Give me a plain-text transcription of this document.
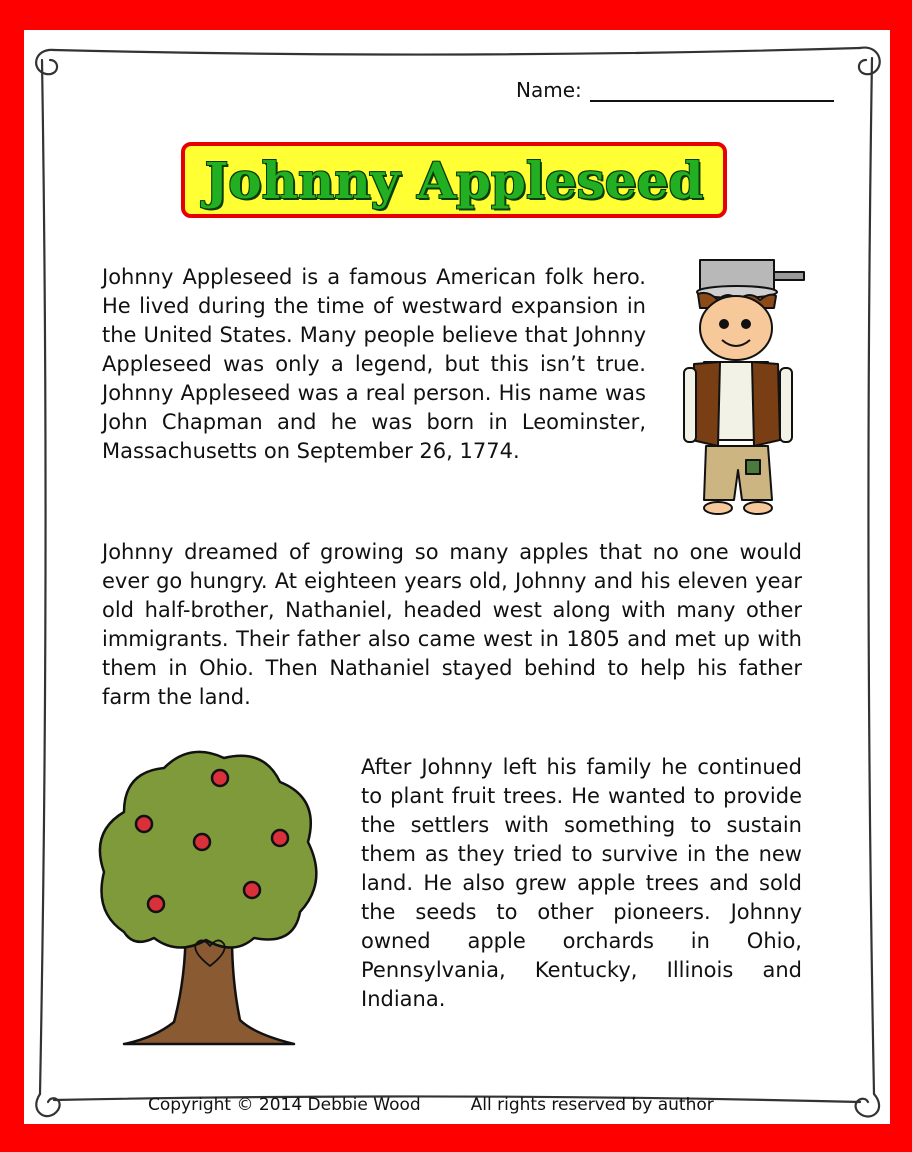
Name:
Johnny Appleseed

Johnny Appleseed is a famous American folk hero. He lived during the time of westward expansion in the United States. Many people believe that Johnny Appleseed was only a legend, but this isn’t true. Johnny Appleseed was a real person. His name was John Chapman and he was born in Leominster, Massachusetts on September 26, 1774.

Johnny dreamed of growing so many apples that no one would ever go hungry. At eighteen years old, Johnny and his eleven year old half-brother, Nathaniel, headed west along with many other immigrants. Their father also came west in 1805 and met up with them in Ohio. Then Nathaniel stayed behind to help his father farm the land.

After Johnny left his family he continued to plant fruit trees. He wanted to provide the settlers with something to sustain them as they tried to survive in the new land. He also grew apple trees and sold the seeds to other pioneers. Johnny owned apple orchards in Ohio, Pennsylvania, Kentucky, Illinois and Indiana.

Copyright © 2014 Debbie Wood	All rights reserved by author
